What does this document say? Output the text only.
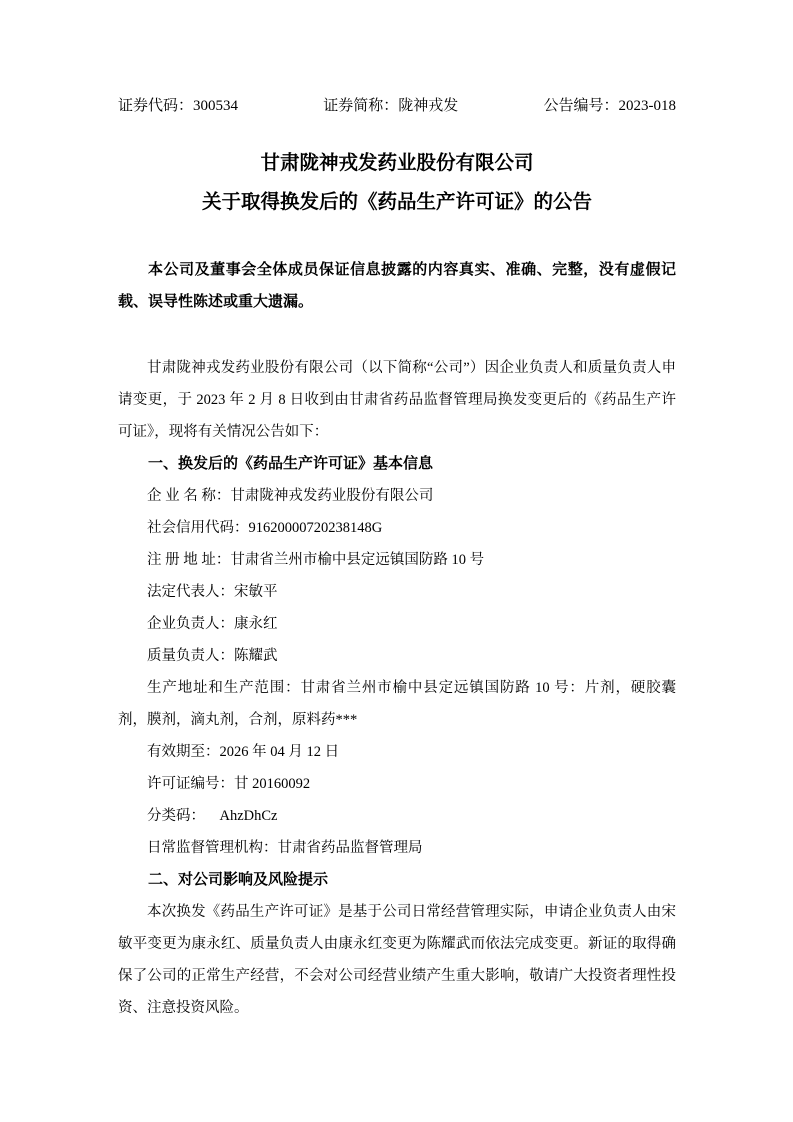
证券代码：300534	证券简称：陇神戎发	公告编号：2023-018
甘肃陇神戎发药业股份有限公司
关于取得换发后的《药品生产许可证》的公告

本公司及董事会全体成员保证信息披露的内容真实、准确、完整，没有虚假记载、误导性陈述或重大遗漏。

甘肃陇神戎发药业股份有限公司（以下简称“公司”）因企业负责人和质量负责人申请变更，于 2023 年 2 月 8 日收到由甘肃省药品监督管理局换发变更后的《药品生产许可证》，现将有关情况公告如下：

一、换发后的《药品生产许可证》基本信息

企 业 名 称：甘肃陇神戎发药业股份有限公司

社会信用代码：91620000720238148G

注 册 地 址：甘肃省兰州市榆中县定远镇国防路 10 号

法定代表人：宋敏平

企业负责人：康永红

质量负责人：陈耀武

生产地址和生产范围：甘肃省兰州市榆中县定远镇国防路 10 号：片剂，硬胶囊剂，膜剂，滴丸剂，合剂，原料药***

有效期至：2026 年 04 月 12 日

许可证编号：甘 20160092

分类码：    AhzDhCz

日常监督管理机构：甘肃省药品监督管理局

二、对公司影响及风险提示

本次换发《药品生产许可证》是基于公司日常经营管理实际，申请企业负责人由宋敏平变更为康永红、质量负责人由康永红变更为陈耀武而依法完成变更。新证的取得确保了公司的正常生产经营，不会对公司经营业绩产生重大影响，敬请广大投资者理性投资、注意投资风险。
